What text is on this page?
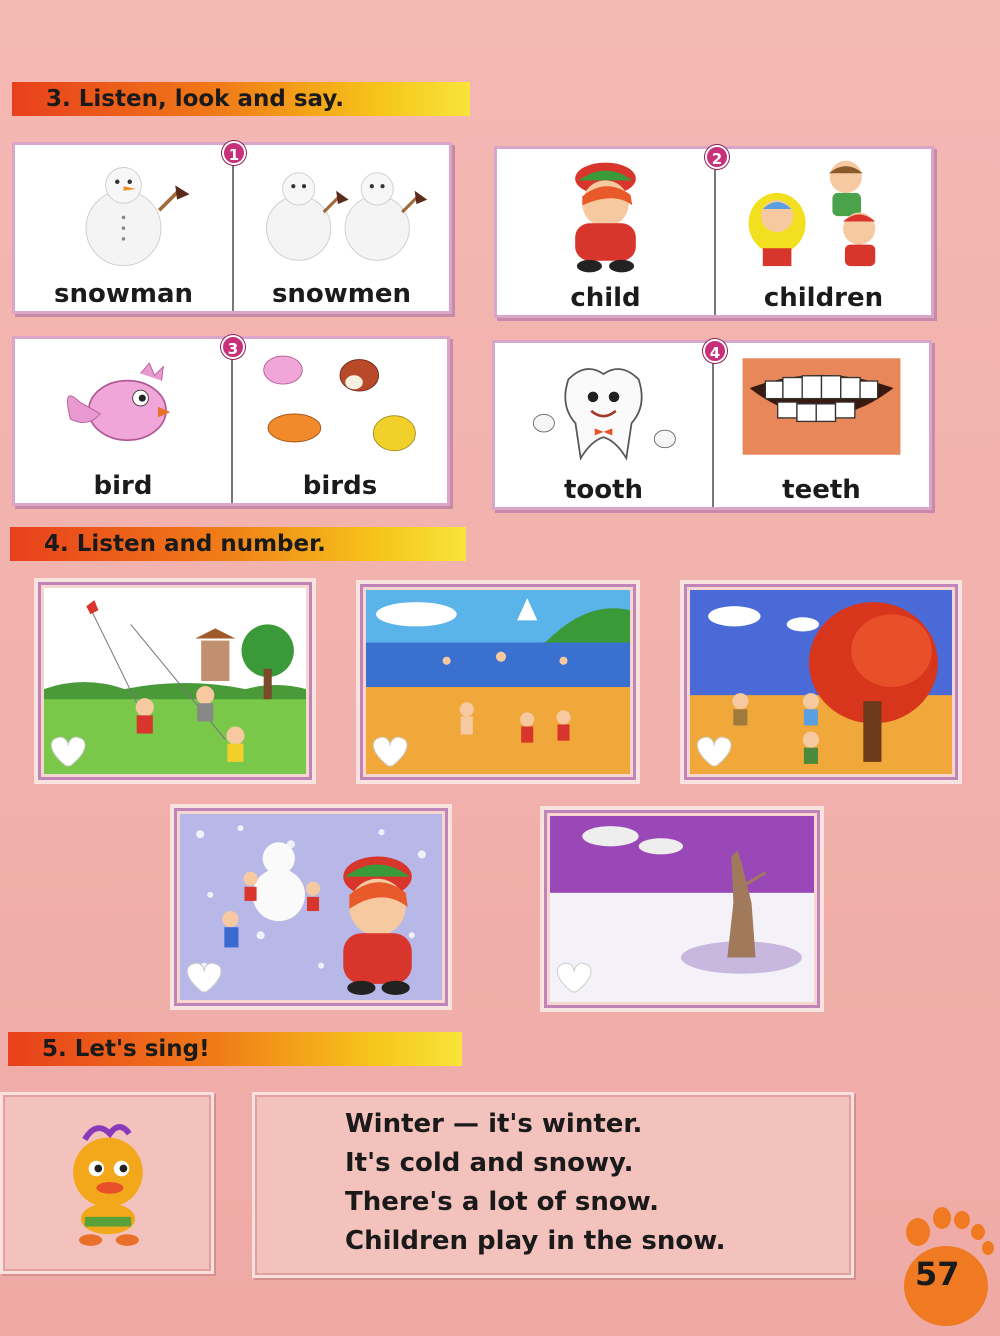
3. Listen, look and say.
snowman	snowmen
1
child	children
2
bird	birds
3
tooth	teeth
4
4. Listen and number.
5. Let's sing!
Winter — it's winter.
It's cold and snowy.
There's a lot of snow.
Children play in the snow.
57
